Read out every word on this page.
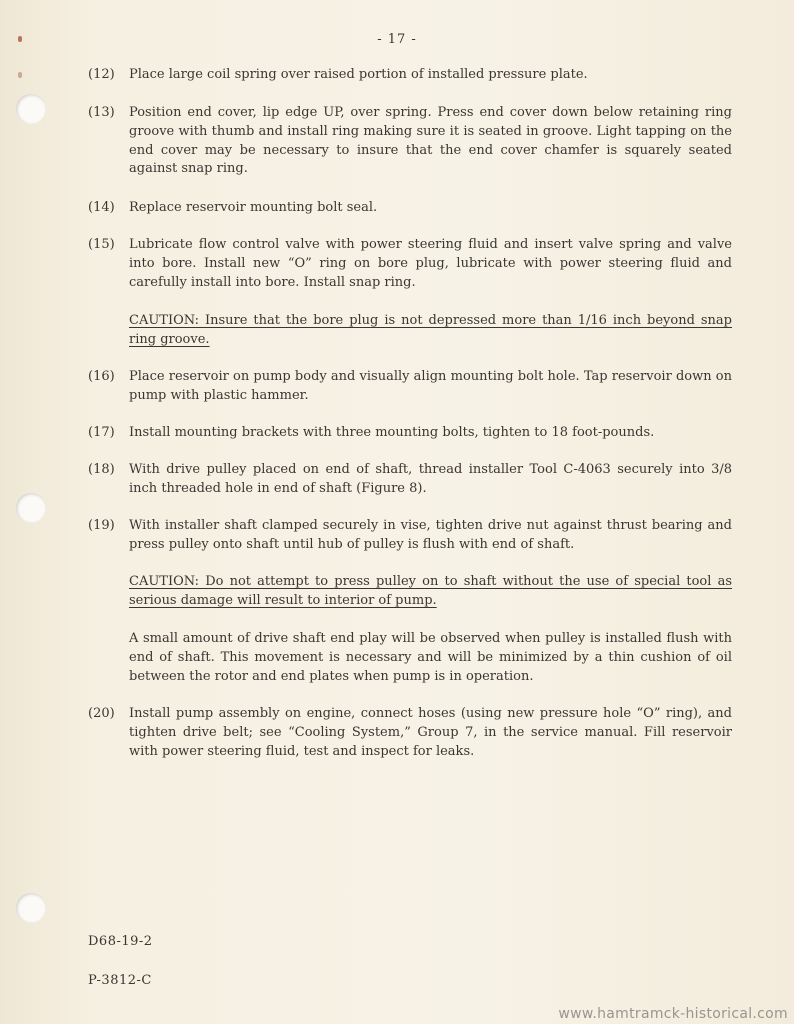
- 17 -
(12) Place large coil spring over raised portion of installed pressure plate.
(13) Position end cover, lip edge UP, over spring. Press end cover down below retaining ring groove with thumb and install ring making sure it is seated in groove. Light tapping on the end cover may be necessary to insure that the end cover chamfer is squarely seated against snap ring.
(14) Replace reservoir mounting bolt seal.
(15) Lubricate flow control valve with power steering fluid and insert valve spring and valve into bore. Install new “O” ring on bore plug, lubricate with power steering fluid and carefully install into bore. Install snap ring.
CAUTION: Insure that the bore plug is not depressed more than 1/16 inch beyond snap ring groove.
(16) Place reservoir on pump body and visually align mounting bolt hole. Tap reservoir down on pump with plastic hammer.
(17) Install mounting brackets with three mounting bolts, tighten to 18 foot-pounds.
(18) With drive pulley placed on end of shaft, thread installer Tool C-4063 securely into 3/8 inch threaded hole in end of shaft (Figure 8).
(19) With installer shaft clamped securely in vise, tighten drive nut against thrust bearing and press pulley onto shaft until hub of pulley is flush with end of shaft.
CAUTION: Do not attempt to press pulley on to shaft without the use of special tool as serious damage will result to interior of pump.
A small amount of drive shaft end play will be observed when pulley is installed flush with end of shaft. This movement is necessary and will be minimized by a thin cushion of oil between the rotor and end plates when pump is in operation.
(20) Install pump assembly on engine, connect hoses (using new pressure hole “O” ring), and tighten drive belt; see “Cooling System,” Group 7, in the service manual. Fill reservoir with power steering fluid, test and inspect for leaks.
D68-19-2
P-3812-C
www.hamtramck-historical.com
